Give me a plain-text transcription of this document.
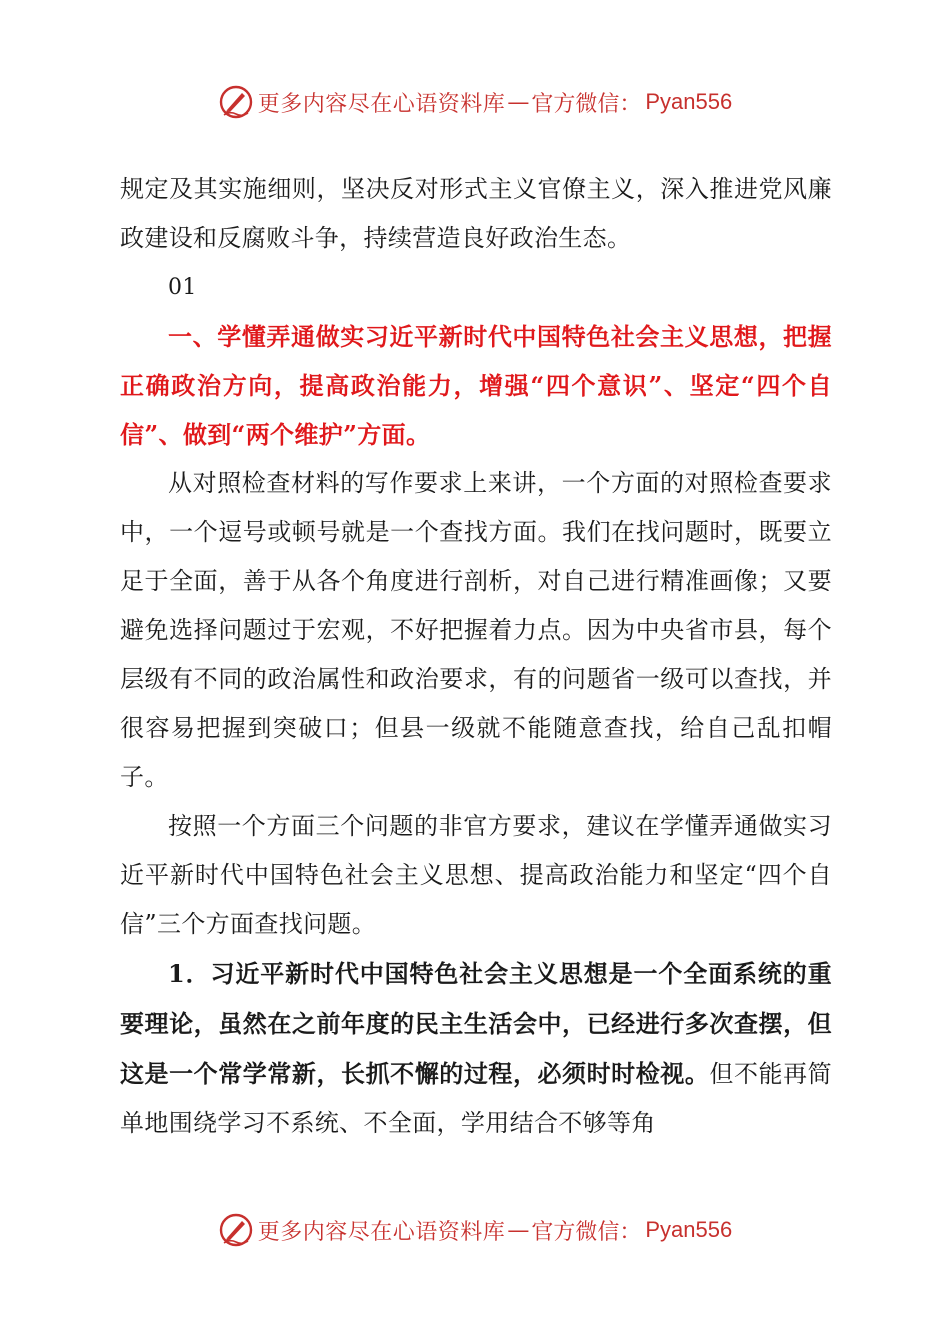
更多内容尽在心语资料库 — 官方微信： Pyan556

规定及其实施细则，坚决反对形式主义官僚主义，深入推进党风廉政建设和反腐败斗争，持续营造良好政治生态。

01

一、学懂弄通做实习近平新时代中国特色社会主义思想，把握正确政治方向，提高政治能力，增强“四个意识”、坚定“四个自信”、做到“两个维护”方面。

从对照检查材料的写作要求上来讲，一个方面的对照检查要求中，一个逗号或顿号就是一个查找方面。我们在找问题时，既要立足于全面，善于从各个角度进行剖析，对自己进行精准画像；又要避免选择问题过于宏观，不好把握着力点。因为中央省市县，每个层级有不同的政治属性和政治要求，有的问题省一级可以查找，并很容易把握到突破口；但县一级就不能随意查找，给自己乱扣帽子。

按照一个方面三个问题的非官方要求，建议在学懂弄通做实习近平新时代中国特色社会主义思想、提高政治能力和坚定“四个自信”三个方面查找问题。

1．习近平新时代中国特色社会主义思想是一个全面系统的重要理论，虽然在之前年度的民主生活会中，已经进行多次查摆，但这是一个常学常新，长抓不懈的过程，必须时时检视。但不能再简单地围绕学习不系统、不全面，学用结合不够等角

更多内容尽在心语资料库 — 官方微信： Pyan556
